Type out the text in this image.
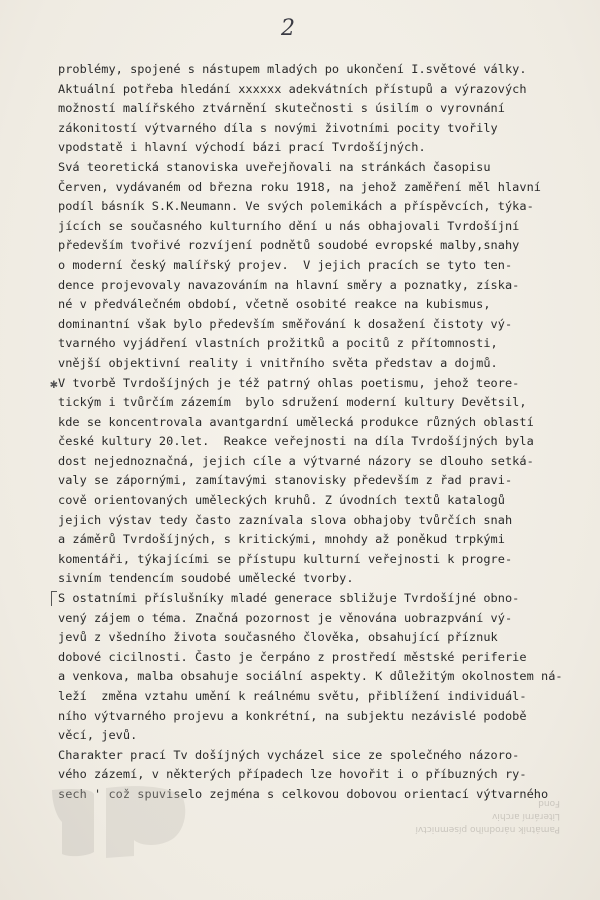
2
problémy, spojené s nástupem mladých po ukončení I.světové války.
Aktuální potřeba hledání xxxxxx adekvátních přístupů a výrazových
možností malířského ztvárnění skutečnosti s úsilím o vyrovnání
zákonitostí výtvarného díla s novými životními pocity tvořily
vpodstatě i hlavní východí bázi prací Tvrdošíjných.
Svá teoretická stanoviska uveřejňovali na stránkách časopisu
Červen, vydávaném od března roku 1918, na jehož zaměření měl hlavní
podíl básník S.K.Neumann. Ve svých polemikách a příspěvcích, týka-
jících se současného kulturního dění u nás obhajovali Tvrdošíjní
především tvořivé rozvíjení podnětů soudobé evropské malby,snahy
o moderní český malířský projev.  V jejich pracích se tyto ten-
dence projevovaly navazováním na hlavní směry a poznatky, získa-
né v předválečném období, včetně osobité reakce na kubismus,
dominantní však bylo především směřování k dosažení čistoty vý-
tvarného vyjádření vlastních prožitků a pocitů z přítomnosti,
vnější objektivní reality i vnitřního světa představ a dojmů.
V tvorbě Tvrdošíjných je též patrný ohlas poetismu, jehož teore-
tickým i tvůrčím zázemím  bylo sdružení moderní kultury Devětsil,
kde se koncentrovala avantgardní umělecká produkce různých oblastí
české kultury 20.let.  Reakce veřejnosti na díla Tvrdošíjných byla
dost nejednoznačná, jejich cíle a výtvarné názory se dlouho setká-
valy se zápornými, zamítavými stanovisky především z řad pravi-
cově orientovaných uměleckých kruhů. Z úvodních textů katalogů
jejich výstav tedy často zaznívala slova obhajoby tvůrčích snah
a záměrů Tvrdošíjných, s kritickými, mnohdy až poněkud trpkými
komentáři, týkajícími se přístupu kulturní veřejnosti k progre-
sivním tendencím soudobé umělecké tvorby.
S ostatními příslušníky mladé generace sbližuje Tvrdošíjné obno-
vený zájem o téma. Značná pozornost je věnována uobrazpvání vý-
jevů z všedního života současného člověka, obsahující příznuk
dobové cicilnosti. Často je čerpáno z prostředí městské periferie
a venkova, malba obsahuje sociální aspekty. K důležitým okolnostem ná-
leží  změna vztahu umění k reálnému světu, přiblížení individuál-
ního výtvarného projevu a konkrétní, na subjektu nezávislé podobě
věcí, jevů.
Charakter prací Tv došíjných vycházel sice ze společného názoro-
vého zázemí, v některých případech lze hovořit i o příbuzných ry-
sech ' což spuviselo zejména s celkovou dobovou orientací výtvarného
✱
Památník národního písemnictví
Literární archiv
Fond
